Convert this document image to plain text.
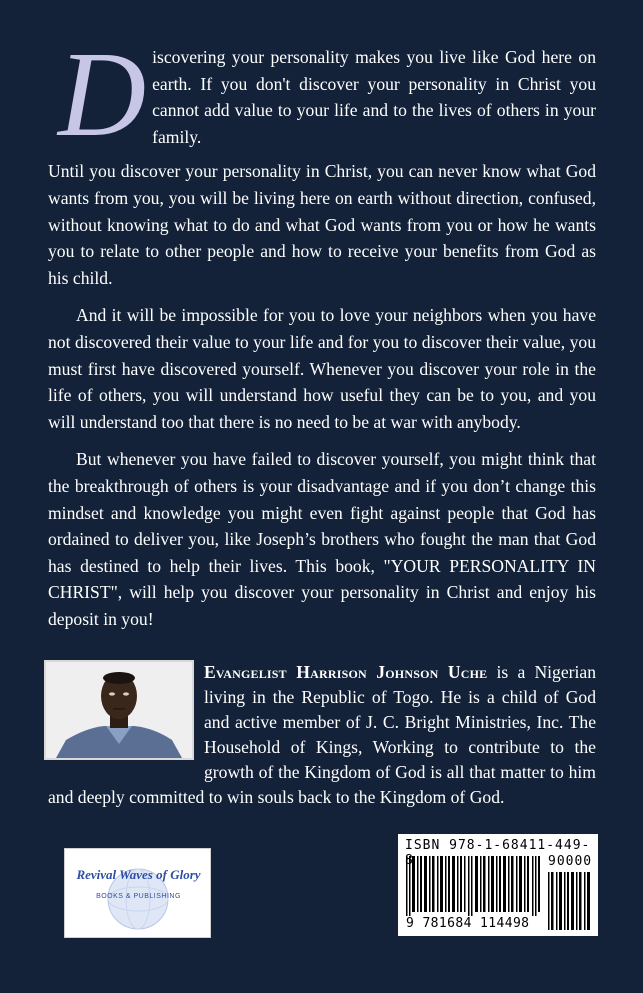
D iscovering your personality makes you live like God here on earth. If you don't discover your personality in Christ you cannot add value to your life and to the lives of others in your family.

Until you discover your personality in Christ, you can never know what God wants from you, you will be living here on earth without direction, confused, without knowing what to do and what God wants from you or how he wants you to relate to other people and how to receive your benefits from God as his child.

And it will be impossible for you to love your neighbors when you have not discovered their value to your life and for you to discover their value, you must first have discovered yourself. Whenever you discover your role in the life of others, you will understand how useful they can be to you, and you will understand too that there is no need to be at war with anybody.

But whenever you have failed to discover yourself, you might think that the breakthrough of others is your disadvantage and if you don’t change this mindset and knowledge you might even fight against people that God has ordained to deliver you, like Joseph’s brothers who fought the man that God has destined to help their lives. This book, "YOUR PERSONALITY IN CHRIST", will help you discover your personality in Christ and enjoy his deposit in you!

Evangelist Harrison Johnson Uche is a Nigerian living in the Republic of Togo. He is a child of God and active member of J. C. Bright Ministries, Inc. The Household of Kings, Working to contribute to the growth of the Kingdom of God is all that matter to him and deeply committed to win souls back to the Kingdom of God.
Revival Waves of Glory
BOOKS & PUBLISHING
ISBN 978-1-68411-449-
90000
9 781684 114498
